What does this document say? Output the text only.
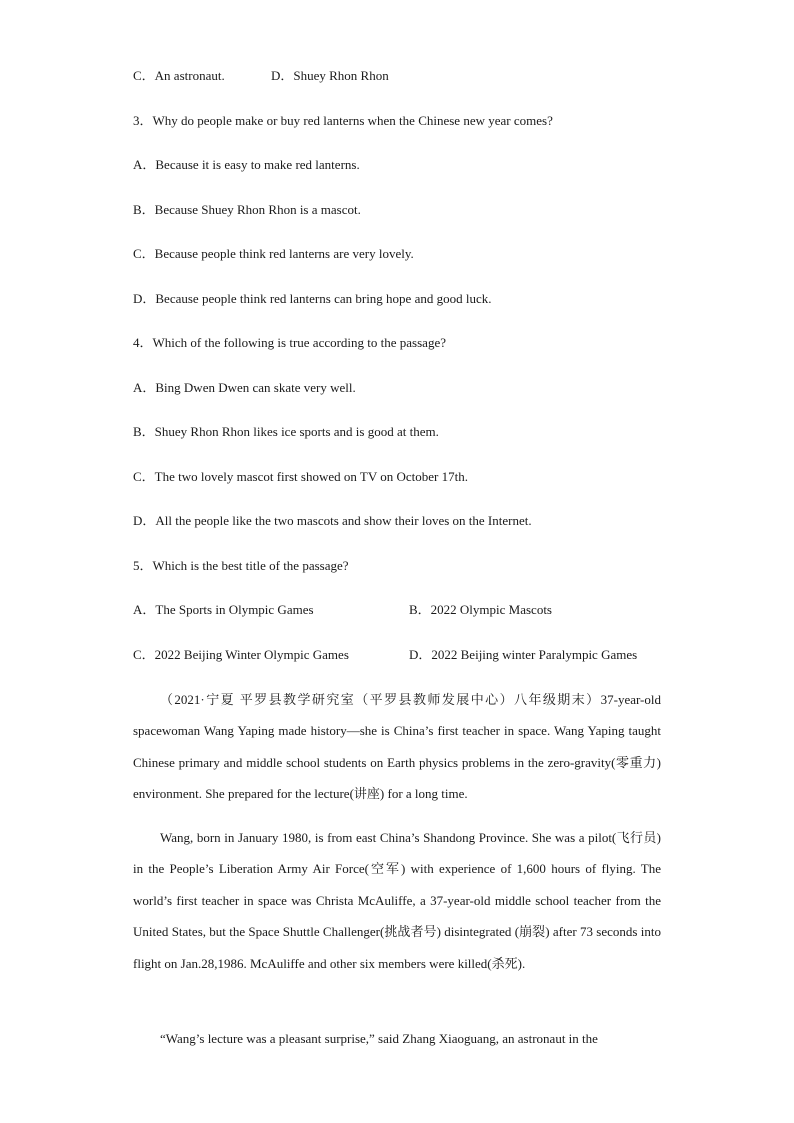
C．An astronaut.	D．Shuey Rhon Rhon
3．Why do people make or buy red lanterns when the Chinese new year comes?
A．Because it is easy to make red lanterns.
B．Because Shuey Rhon Rhon is a mascot.
C．Because people think red lanterns are very lovely.
D．Because people think red lanterns can bring hope and good luck.
4．Which of the following is true according to the passage?
A．Bing Dwen Dwen can skate very well.
B．Shuey Rhon Rhon likes ice sports and is good at them.
C．The two lovely mascot first showed on TV on October 17th.
D．All the people like the two mascots and show their loves on the Internet.
5．Which is the best title of the passage?
A．The Sports in Olympic Games	B．2022 Olympic Mascots
C．2022 Beijing Winter Olympic Games	D．2022 Beijing winter Paralympic Games

（2021·宁夏 平罗县教学研究室（平罗县教师发展中心）八年级期末）37-year-old spacewoman Wang Yaping made history—she is China’s first teacher in space. Wang Yaping taught Chinese primary and middle school students on Earth physics problems in the zero-gravity(零重力) environment. She prepared for the lecture(讲座) for a long time.

Wang, born in January 1980, is from east China’s Shandong Province. She was a pilot(飞行员) in the People’s Liberation Army Air Force(空军) with experience of 1,600 hours of flying. The world’s first teacher in space was Christa McAuliffe, a 37-year-old middle school teacher from the United States, but the Space Shuttle Challenger(挑战者号) disintegrated (崩裂) after 73 seconds into flight on Jan.28,1986. McAuliffe and other six members were killed(杀死).

“Wang’s lecture was a pleasant surprise,” said Zhang Xiaoguang, an astronaut in the
